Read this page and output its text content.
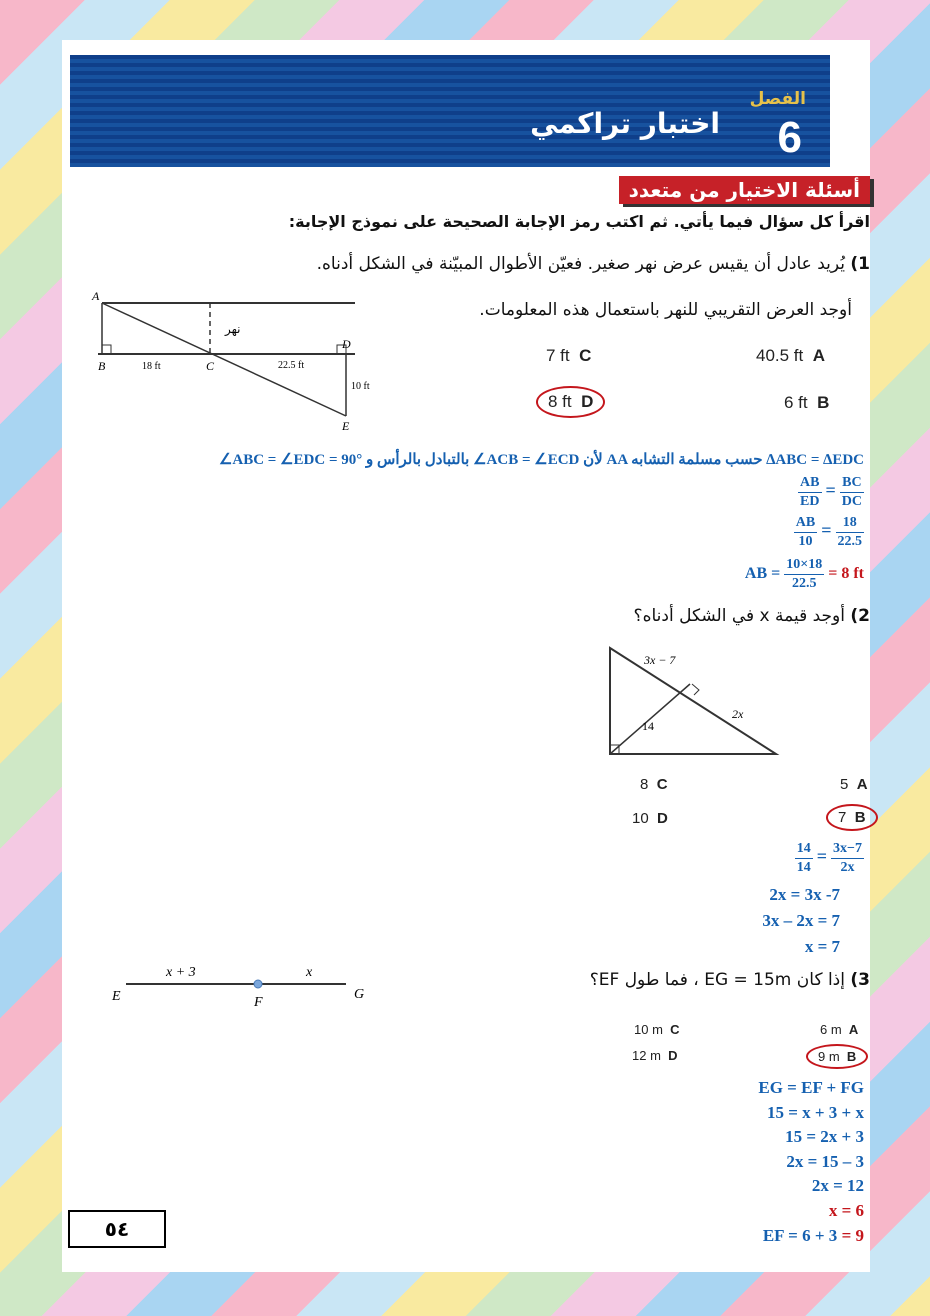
الفصل
6
اختبار تراكمي
أسئلة الاختيار من متعدد
اقرأ كل سؤال فيما يأتي. ثم اكتب رمز الإجابة الصحيحة على نموذج الإجابة:
1) يُريد عادل أن يقيس عرض نهر صغير. فعيّن الأطوال المبيّنة في الشكل أدناه.
أوجد العرض التقريبي للنهر باستعمال هذه المعلومات.
A
B	C
D
E
نهر
18 ft	22.5 ft
10 ft
7 ft C	40.5 ft A
8 ft D	6 ft B
∠ABC = ∠EDC = 90° بالتبادل بالرأس و ∠ACB = ∠ECD لأن AA حسب مسلمة التشابه ∆ABC = ∆EDC
$\frac{AB}{ED} = \frac{BC}{DC}$
$\frac{AB}{10} = \frac{18}{22.5}$
AB = $\frac{10\times 18}{22.5} = 8$ ft
2) أوجد قيمة x في الشكل أدناه؟
3x − 7
2x
14
8 C	5 A
10 D	7 B
$\frac{14}{14} = \frac{3x-7}{2x}$
2x = 3x -7
3x – 2x = 7
x = 7
3) إذا كان EG = 15m ، فما طول EF؟
E	F
G
x + 3	x
10 m C	6 m A
12 m D	9 m B
EG = EF + FG
15 = x + 3 + x
15 = 2x + 3
2x = 15 – 3
2x = 12
x = 6
EF = 6 + 3 = 9
٥٤
